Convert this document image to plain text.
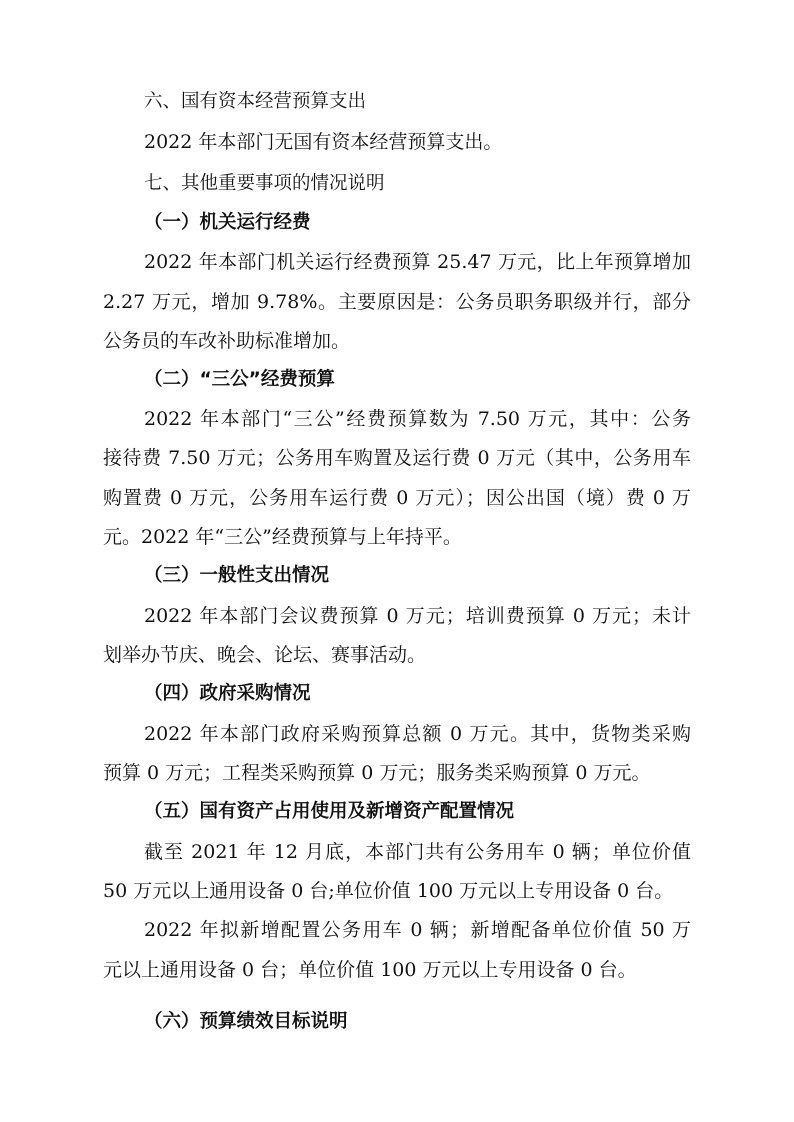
六、国有资本经营预算支出
2022 年本部门无国有资本经营预算支出。
七、其他重要事项的情况说明
（一）机关运行经费
2022 年本部门机关运行经费预算 25.47 万元，比上年预算增加
2.27 万元，增加 9.78%。主要原因是：公务员职务职级并行，部分
公务员的车改补助标准增加。
（二）“三公”经费预算
2022 年本部门“三公”经费预算数为 7.50 万元，其中：公务
接待费 7.50 万元；公务用车购置及运行费 0 万元（其中，公务用车
购置费 0 万元，公务用车运行费 0 万元）；因公出国（境）费 0 万
元。2022 年“三公”经费预算与上年持平。
（三）一般性支出情况
2022 年本部门会议费预算 0 万元；培训费预算 0 万元；未计
划举办节庆、晚会、论坛、赛事活动。
（四）政府采购情况
2022 年本部门政府采购预算总额 0 万元。其中，货物类采购
预算 0 万元；工程类采购预算 0 万元；服务类采购预算 0 万元。
（五）国有资产占用使用及新增资产配置情况
截至 2021 年 12 月底，本部门共有公务用车 0 辆；单位价值
50 万元以上通用设备 0 台;单位价值 100 万元以上专用设备 0 台。
2022 年拟新增配置公务用车 0 辆；新增配备单位价值 50 万
元以上通用设备 0 台；单位价值 100 万元以上专用设备 0 台。
（六）预算绩效目标说明
